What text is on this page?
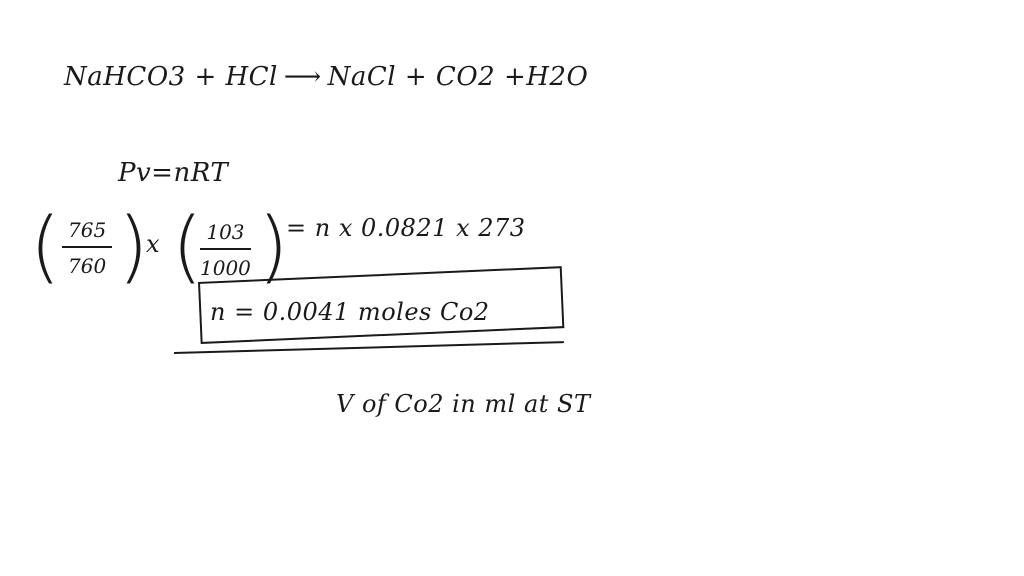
NaHCO3 + HCl ⟶ NaCl + CO2 +H2O
Pv=nRT
( $\frac{765}{760}$ )
x (
$\frac{103}{1000}$ )
= n x 0.0821 x 273
n = 0.0041 moles Co2
V of Co2 in ml at ST
